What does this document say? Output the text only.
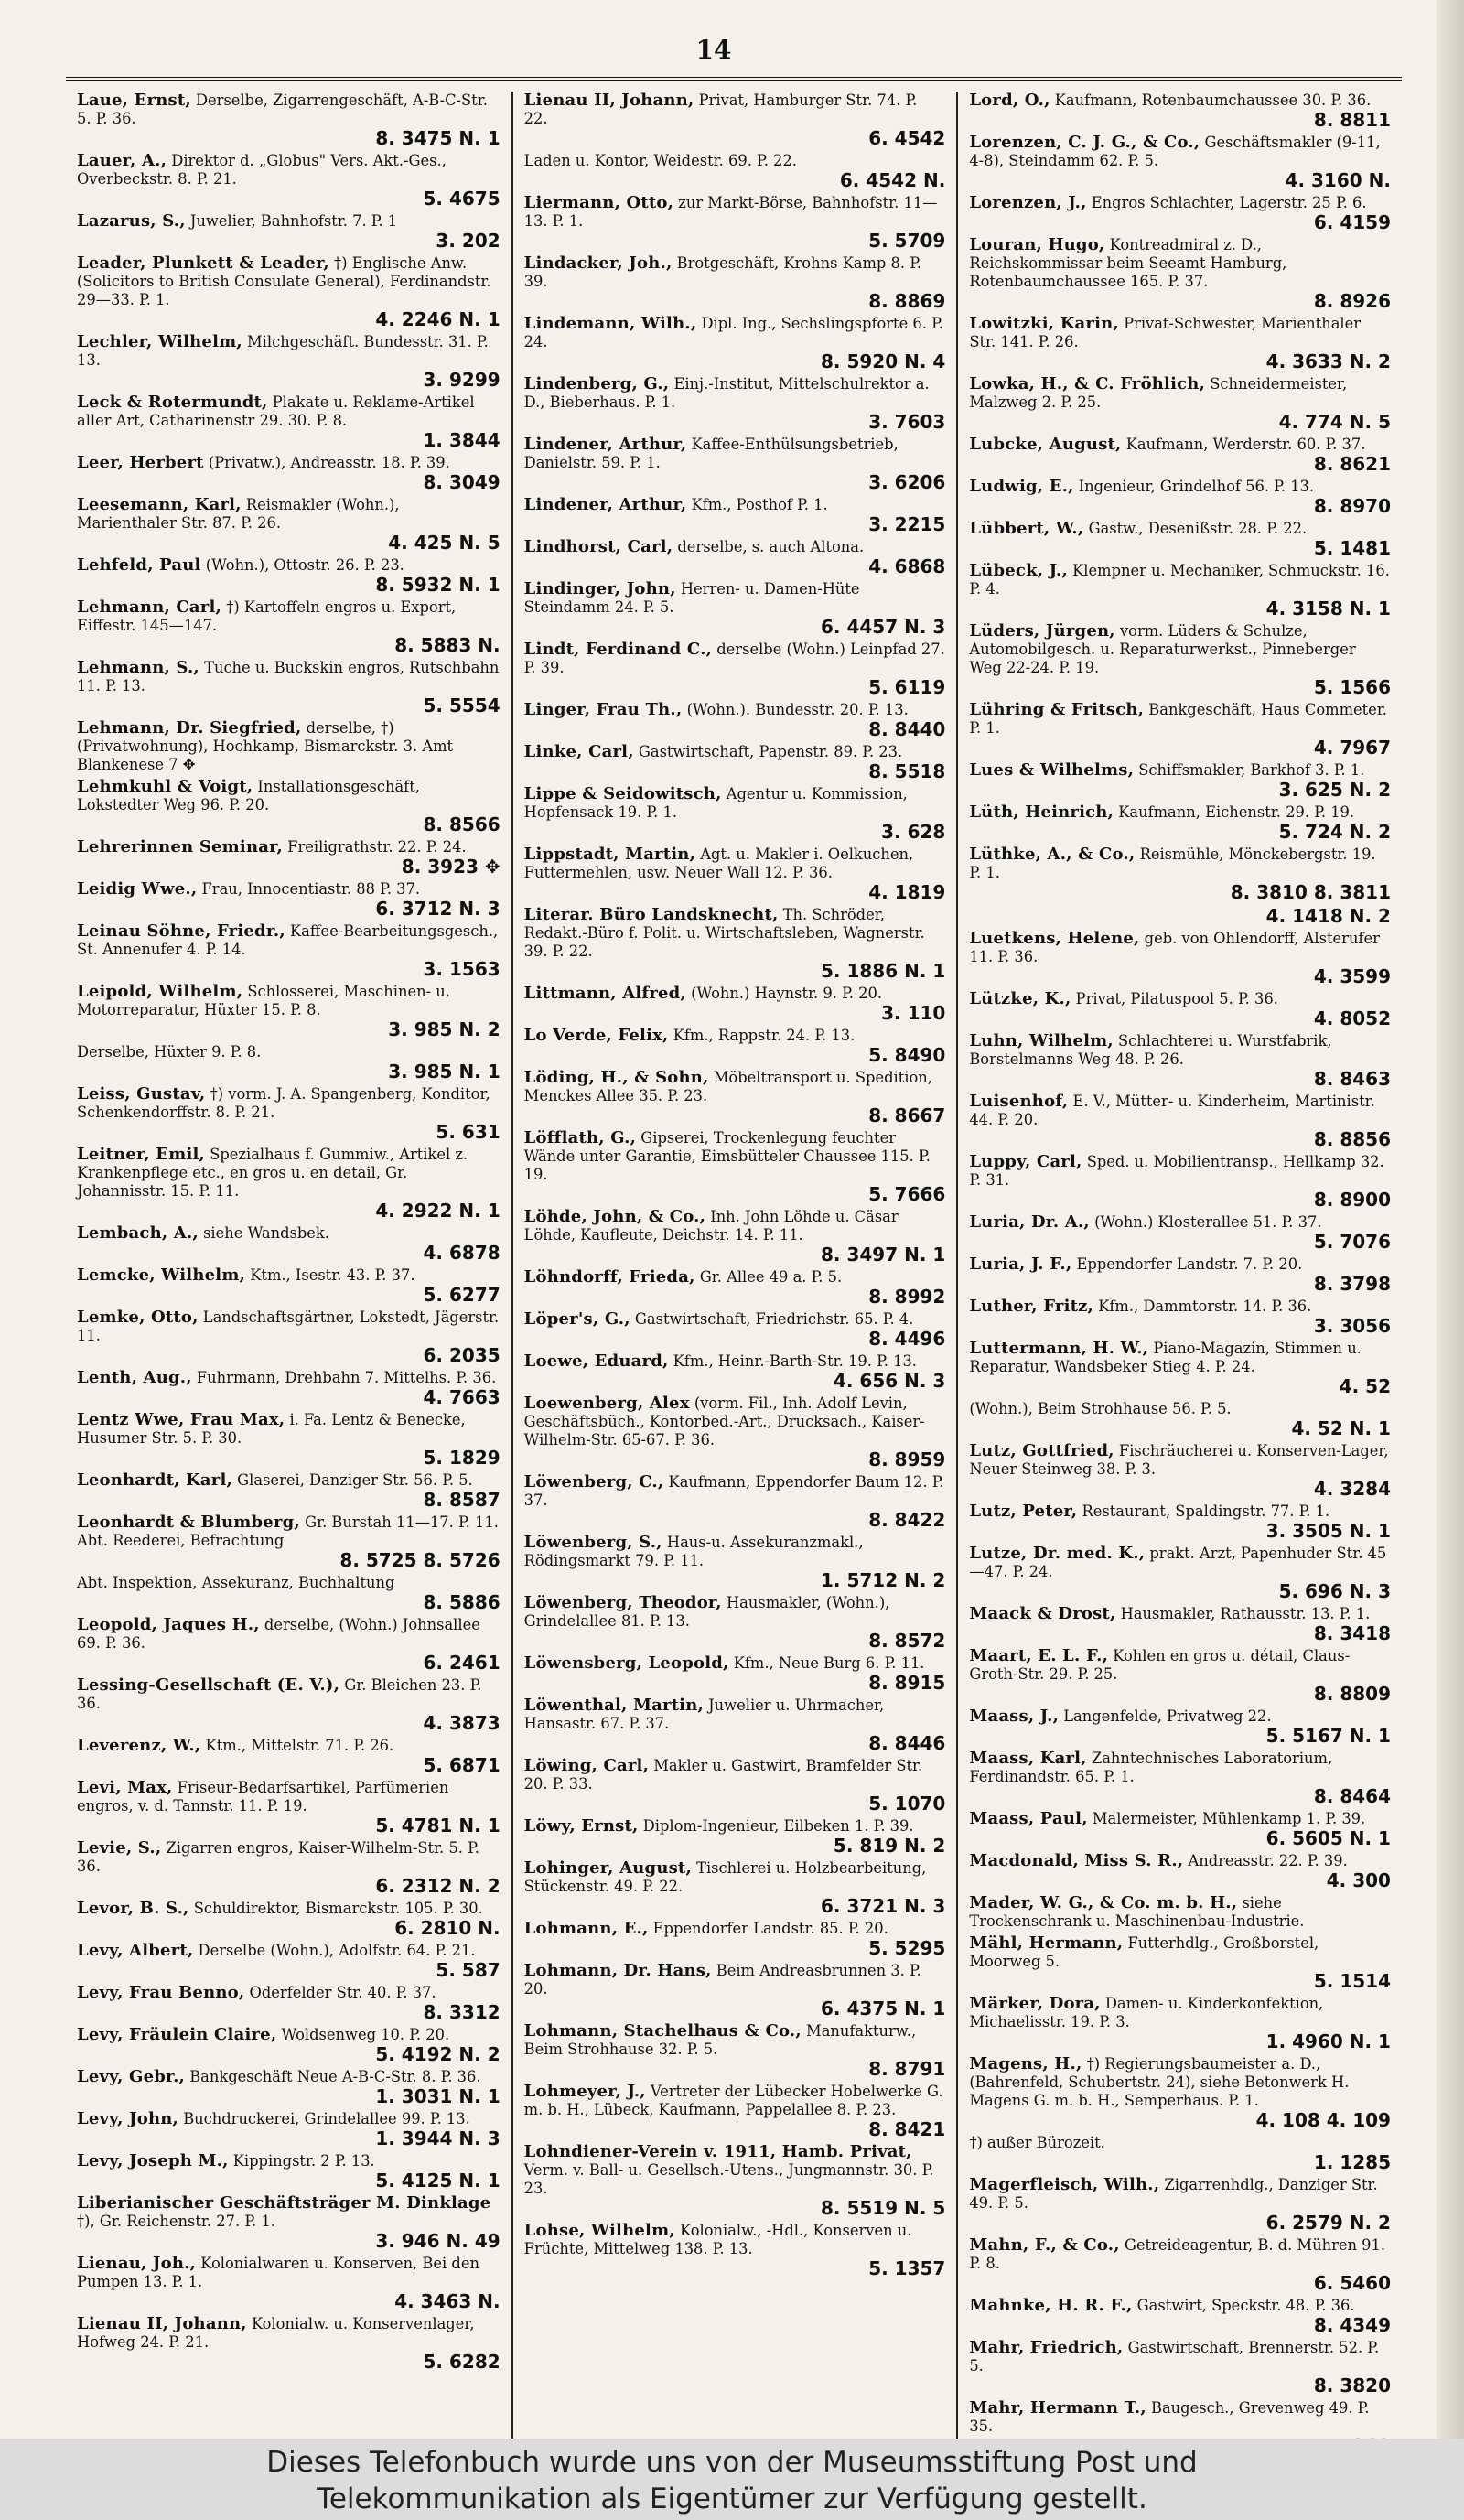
14
Laue, Ernst, Derselbe, Zigarrengeschäft, A-B-C-Str. 5. P. 36.
8. 3475 N. 1
Lauer, A., Direktor d. „Globus" Vers. Akt.-Ges., Overbeckstr. 8. P. 21.
5. 4675
Lazarus, S., Juwelier, Bahnhofstr. 7. P. 1
3. 202
Leader, Plunkett & Leader, †) Englische Anw. (Solicitors to British Consulate General), Ferdinandstr. 29—33. P. 1.
4. 2246 N. 1
Lechler, Wilhelm, Milchgeschäft. Bundesstr. 31. P. 13.
3. 9299
Leck & Rotermundt, Plakate u. Reklame-Artikel aller Art, Catharinenstr 29. 30. P. 8.
1. 3844
Leer, Herbert (Privatw.), Andreasstr. 18. P. 39.
8. 3049
Leesemann, Karl, Reismakler (Wohn.), Marienthaler Str. 87. P. 26.
4. 425 N. 5
Lehfeld, Paul (Wohn.), Ottostr. 26. P. 23.
8. 5932 N. 1
Lehmann, Carl, †) Kartoffeln engros u. Export, Eiffestr. 145—147.
8. 5883 N.
Lehmann, S., Tuche u. Buckskin engros, Rutschbahn 11. P. 13.
5. 5554
Lehmann, Dr. Siegfried, derselbe, †) (Privatwohnung), Hochkamp, Bismarckstr. 3. Amt Blankenese 7 ✥
Lehmkuhl & Voigt, Installationsgeschäft, Lokstedter Weg 96. P. 20.
8. 8566
Lehrerinnen Seminar, Freiligrathstr. 22. P. 24.
8. 3923 ✥
Leidig Wwe., Frau, Innocentiastr. 88 P. 37.
6. 3712 N. 3
Leinau Söhne, Friedr., Kaffee-Bearbeitungsgesch., St. Annenufer 4. P. 14.
3. 1563
Leipold, Wilhelm, Schlosserei, Maschinen- u. Motorreparatur, Hüxter 15. P. 8.
3. 985 N. 2
Derselbe, Hüxter 9. P. 8.
3. 985 N. 1
Leiss, Gustav, †) vorm. J. A. Spangenberg, Konditor, Schenkendorffstr. 8. P. 21.
5. 631
Leitner, Emil, Spezialhaus f. Gummiw., Artikel z. Krankenpflege etc., en gros u. en detail, Gr. Johannisstr. 15. P. 11.
4. 2922 N. 1
Lembach, A., siehe Wandsbek.
4. 6878
Lemcke, Wilhelm, Ktm., Isestr. 43. P. 37.
5. 6277
Lemke, Otto, Landschaftsgärtner, Lokstedt, Jägerstr. 11.
6. 2035
Lenth, Aug., Fuhrmann, Drehbahn 7. Mittelhs. P. 36.
4. 7663
Lentz Wwe, Frau Max, i. Fa. Lentz & Benecke, Husumer Str. 5. P. 30.
5. 1829
Leonhardt, Karl, Glaserei, Danziger Str. 56. P. 5.
8. 8587
Leonhardt & Blumberg, Gr. Burstah 11—17. P. 11. Abt. Reederei, Befrachtung
8. 5725 8. 5726
Abt. Inspektion, Assekuranz, Buchhaltung
8. 5886
Leopold, Jaques H., derselbe, (Wohn.) Johnsallee 69. P. 36.
6. 2461
Lessing-Gesellschaft (E. V.), Gr. Bleichen 23. P. 36.
4. 3873
Leverenz, W., Ktm., Mittelstr. 71. P. 26.
5. 6871
Levi, Max, Friseur-Bedarfsartikel, Parfümerien engros, v. d. Tannstr. 11. P. 19.
5. 4781 N. 1
Levie, S., Zigarren engros, Kaiser-Wilhelm-Str. 5. P. 36.
6. 2312 N. 2
Levor, B. S., Schuldirektor, Bismarckstr. 105. P. 30.
6. 2810 N.
Levy, Albert, Derselbe (Wohn.), Adolfstr. 64. P. 21.
5. 587
Levy, Frau Benno, Oderfelder Str. 40. P. 37.
8. 3312
Levy, Fräulein Claire, Woldsenweg 10. P. 20.
5. 4192 N. 2
Levy, Gebr., Bankgeschäft Neue A-B-C-Str. 8. P. 36.
1. 3031 N. 1
Levy, John, Buchdruckerei, Grindelallee 99. P. 13.
1. 3944 N. 3
Levy, Joseph M., Kippingstr. 2 P. 13.
5. 4125 N. 1
Liberianischer Geschäftsträger M. Dinklage †), Gr. Reichenstr. 27. P. 1.
3. 946 N. 49
Lienau, Joh., Kolonialwaren u. Konserven, Bei den Pumpen 13. P. 1.
4. 3463 N.
Lienau II, Johann, Kolonialw. u. Konservenlager, Hofweg 24. P. 21.
5. 6282
Lienau II, Johann, Privat, Hamburger Str. 74. P. 22.
6. 4542
Laden u. Kontor, Weidestr. 69. P. 22.
6. 4542 N.
Liermann, Otto, zur Markt-Börse, Bahnhofstr. 11—13. P. 1.
5. 5709
Lindacker, Joh., Brotgeschäft, Krohns Kamp 8. P. 39.
8. 8869
Lindemann, Wilh., Dipl. Ing., Sechslingspforte 6. P. 24.
8. 5920 N. 4
Lindenberg, G., Einj.-Institut, Mittelschulrektor a. D., Bieberhaus. P. 1.
3. 7603
Lindener, Arthur, Kaffee-Enthülsungsbetrieb, Danielstr. 59. P. 1.
3. 6206
Lindener, Arthur, Kfm., Posthof P. 1.
3. 2215
Lindhorst, Carl, derselbe, s. auch Altona.
4. 6868
Lindinger, John, Herren- u. Damen-Hüte Steindamm 24. P. 5.
6. 4457 N. 3
Lindt, Ferdinand C., derselbe (Wohn.) Leinpfad 27. P. 39.
5. 6119
Linger, Frau Th., (Wohn.). Bundesstr. 20. P. 13.
8. 8440
Linke, Carl, Gastwirtschaft, Papenstr. 89. P. 23.
8. 5518
Lippe & Seidowitsch, Agentur u. Kommission, Hopfensack 19. P. 1.
3. 628
Lippstadt, Martin, Agt. u. Makler i. Oelkuchen, Futtermehlen, usw. Neuer Wall 12. P. 36.
4. 1819
Literar. Büro Landsknecht, Th. Schröder, Redakt.-Büro f. Polit. u. Wirtschaftsleben, Wagnerstr. 39. P. 22.
5. 1886 N. 1
Littmann, Alfred, (Wohn.) Haynstr. 9. P. 20.
3. 110
Lo Verde, Felix, Kfm., Rappstr. 24. P. 13.
5. 8490
Löding, H., & Sohn, Möbeltransport u. Spedition, Menckes Allee 35. P. 23.
8. 8667
Löfflath, G., Gipserei, Trockenlegung feuchter Wände unter Garantie, Eimsbütteler Chaussee 115. P. 19.
5. 7666
Löhde, John, & Co., Inh. John Löhde u. Cäsar Löhde, Kaufleute, Deichstr. 14. P. 11.
8. 3497 N. 1
Löhndorff, Frieda, Gr. Allee 49 a. P. 5.
8. 8992
Löper's, G., Gastwirtschaft, Friedrichstr. 65. P. 4.
8. 4496
Loewe, Eduard, Kfm., Heinr.-Barth-Str. 19. P. 13.
4. 656 N. 3
Loewenberg, Alex (vorm. Fil., Inh. Adolf Levin, Geschäftsbüch., Kontorbed.-Art., Drucksach., Kaiser-Wilhelm-Str. 65-67. P. 36.
8. 8959
Löwenberg, C., Kaufmann, Eppendorfer Baum 12. P. 37.
8. 8422
Löwenberg, S., Haus-u. Assekuranzmakl., Rödingsmarkt 79. P. 11.
1. 5712 N. 2
Löwenberg, Theodor, Hausmakler, (Wohn.), Grindelallee 81. P. 13.
8. 8572
Löwensberg, Leopold, Kfm., Neue Burg 6. P. 11.
8. 8915
Löwenthal, Martin, Juwelier u. Uhrmacher, Hansastr. 67. P. 37.
8. 8446
Löwing, Carl, Makler u. Gastwirt, Bramfelder Str. 20. P. 33.
5. 1070
Löwy, Ernst, Diplom-Ingenieur, Eilbeken 1. P. 39.
5. 819 N. 2
Lohinger, August, Tischlerei u. Holzbearbeitung, Stückenstr. 49. P. 22.
6. 3721 N. 3
Lohmann, E., Eppendorfer Landstr. 85. P. 20.
5. 5295
Lohmann, Dr. Hans, Beim Andreasbrunnen 3. P. 20.
6. 4375 N. 1
Lohmann, Stachelhaus & Co., Manufakturw., Beim Strohhause 32. P. 5.
8. 8791
Lohmeyer, J., Vertreter der Lübecker Hobelwerke G. m. b. H., Lübeck, Kaufmann, Pappelallee 8. P. 23.
8. 8421
Lohndiener-Verein v. 1911, Hamb. Privat, Verm. v. Ball- u. Gesellsch.-Utens., Jungmannstr. 30. P. 23.
8. 5519 N. 5
Lohse, Wilhelm, Kolonialw., -Hdl., Konserven u. Früchte, Mittelweg 138. P. 13.
5. 1357
Lord, O., Kaufmann, Rotenbaumchaussee 30. P. 36.
8. 8811
Lorenzen, C. J. G., & Co., Geschäftsmakler (9-11, 4-8), Steindamm 62. P. 5.
4. 3160 N.
Lorenzen, J., Engros Schlachter, Lagerstr. 25 P. 6.
6. 4159
Louran, Hugo, Kontreadmiral z. D., Reichskommissar beim Seeamt Hamburg, Rotenbaumchaussee 165. P. 37.
8. 8926
Lowitzki, Karin, Privat-Schwester, Marienthaler Str. 141. P. 26.
4. 3633 N. 2
Lowka, H., & C. Fröhlich, Schneidermeister, Malzweg 2. P. 25.
4. 774 N. 5
Lubcke, August, Kaufmann, Werderstr. 60. P. 37.
8. 8621
Ludwig, E., Ingenieur, Grindelhof 56. P. 13.
8. 8970
Lübbert, W., Gastw., Desenißstr. 28. P. 22.
5. 1481
Lübeck, J., Klempner u. Mechaniker, Schmuckstr. 16. P. 4.
4. 3158 N. 1
Lüders, Jürgen, vorm. Lüders & Schulze, Automobilgesch. u. Reparaturwerkst., Pinneberger Weg 22-24. P. 19.
5. 1566
Lühring & Fritsch, Bankgeschäft, Haus Commeter. P. 1.
4. 7967
Lues & Wilhelms, Schiffsmakler, Barkhof 3. P. 1.
3. 625 N. 2
Lüth, Heinrich, Kaufmann, Eichenstr. 29. P. 19.
5. 724 N. 2
Lüthke, A., & Co., Reismühle, Mönckebergstr. 19. P. 1.
8. 3810 8. 3811
4. 1418 N. 2
Luetkens, Helene, geb. von Ohlendorff, Alsterufer 11. P. 36.
4. 3599
Lützke, K., Privat, Pilatuspool 5. P. 36.
4. 8052
Luhn, Wilhelm, Schlachterei u. Wurstfabrik, Borstelmanns Weg 48. P. 26.
8. 8463
Luisenhof, E. V., Mütter- u. Kinderheim, Martinistr. 44. P. 20.
8. 8856
Luppy, Carl, Sped. u. Mobilientransp., Hellkamp 32. P. 31.
8. 8900
Luria, Dr. A., (Wohn.) Klosterallee 51. P. 37.
5. 7076
Luria, J. F., Eppendorfer Landstr. 7. P. 20.
8. 3798
Luther, Fritz, Kfm., Dammtorstr. 14. P. 36.
3. 3056
Luttermann, H. W., Piano-Magazin, Stimmen u. Reparatur, Wandsbeker Stieg 4. P. 24.
4. 52
(Wohn.), Beim Strohhause 56. P. 5.
4. 52 N. 1
Lutz, Gottfried, Fischräucherei u. Konserven-Lager, Neuer Steinweg 38. P. 3.
4. 3284
Lutz, Peter, Restaurant, Spaldingstr. 77. P. 1.
3. 3505 N. 1
Lutze, Dr. med. K., prakt. Arzt, Papenhuder Str. 45—47. P. 24.
5. 696 N. 3
Maack & Drost, Hausmakler, Rathausstr. 13. P. 1.
8. 3418
Maart, E. L. F., Kohlen en gros u. détail, Claus-Groth-Str. 29. P. 25.
8. 8809
Maass, J., Langenfelde, Privatweg 22.
5. 5167 N. 1
Maass, Karl, Zahntechnisches Laboratorium, Ferdinandstr. 65. P. 1.
8. 8464
Maass, Paul, Malermeister, Mühlenkamp 1. P. 39.
6. 5605 N. 1
Macdonald, Miss S. R., Andreasstr. 22. P. 39.
4. 300
Mader, W. G., & Co. m. b. H., siehe Trockenschrank u. Maschinenbau-Industrie.
Mähl, Hermann, Futterhdlg., Großborstel, Moorweg 5.
5. 1514
Märker, Dora, Damen- u. Kinderkonfektion, Michaelisstr. 19. P. 3.
1. 4960 N. 1
Magens, H., †) Regierungsbaumeister a. D., (Bahrenfeld, Schubertstr. 24), siehe Betonwerk H. Magens G. m. b. H., Semperhaus. P. 1.
4. 108 4. 109
†) außer Bürozeit.
1. 1285
Magerfleisch, Wilh., Zigarrenhdlg., Danziger Str. 49. P. 5.
6. 2579 N. 2
Mahn, F., & Co., Getreideagentur, B. d. Mühren 91. P. 8.
6. 5460
Mahnke, H. R. F., Gastwirt, Speckstr. 48. P. 36.
8. 4349
Mahr, Friedrich, Gastwirtschaft, Brennerstr. 52. P. 5.
8. 3820
Mahr, Hermann T., Baugesch., Grevenweg 49. P. 35.
Dieses Telefonbuch wurde uns von der Museumsstiftung Post und
Telekommunikation als Eigentümer zur Verfügung gestellt.
